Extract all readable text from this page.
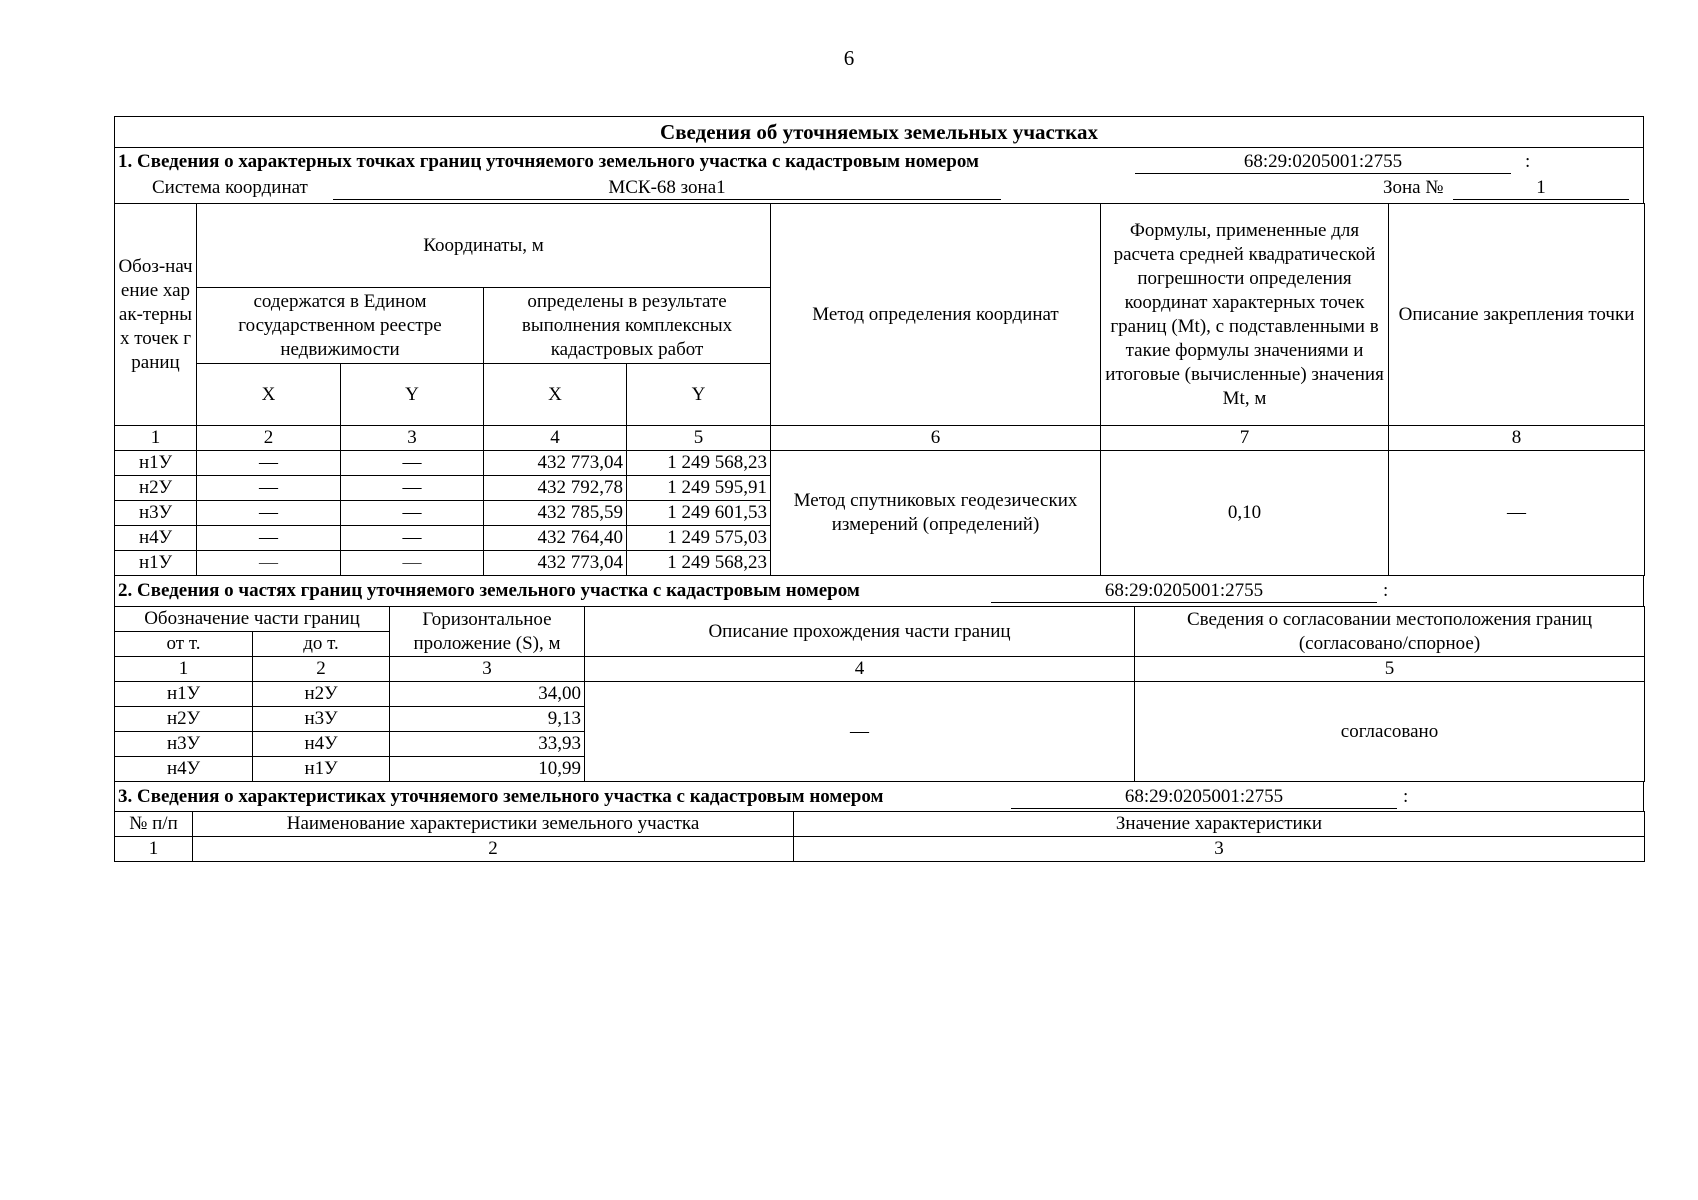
6
Сведения об уточняемых земельных участках
1. Сведения о характерных точках границ уточняемого земельного участка с кадастровым номером	68:29:0205001:2755	:
Система координат	МСК-68 зона1	Зона №	1
Обоз-начение харак-терных точек границ	Координаты, м				Метод определения координат	Формулы, примененные для расчета средней квадратической погрешности определения координат характерных точек границ (Mt), с подставленными в такие формулы значениями и итоговые (вычисленные) значения Mt, м	Описание закрепления точки
	содержатся в Едином государственном реестре недвижимости		определены в результате выполнения комплексных кадастровых работ				
	X	Y	X	Y			
1	2	3	4	5	6	7	8
н1У	—	—	432 773,04	1 249 568,23	Метод спутниковых геодезических измерений (определений)	0,10	—
н2У	—	—	432 792,78	1 249 595,91			
н3У	—	—	432 785,59	1 249 601,53			
н4У	—	—	432 764,40	1 249 575,03			
н1У	—	—	432 773,04	1 249 568,23			
2. Сведения о частях границ уточняемого земельного участка с кадастровым номером	68:29:0205001:2755	:
Обозначение части границ		Горизонтальное проложение (S), м	Описание прохождения части границ	Сведения о согласовании местоположения границ (согласовано/спорное)
от т.	до т.			
1	2	3	4	5
н1У	н2У	34,00	—	согласовано
н2У	н3У	9,13		
н3У	н4У	33,93		
н4У	н1У	10,99		
3. Сведения о характеристиках уточняемого земельного участка с кадастровым номером	68:29:0205001:2755	:
№ п/п	Наименование характеристики земельного участка	Значение характеристики
1	2	3
